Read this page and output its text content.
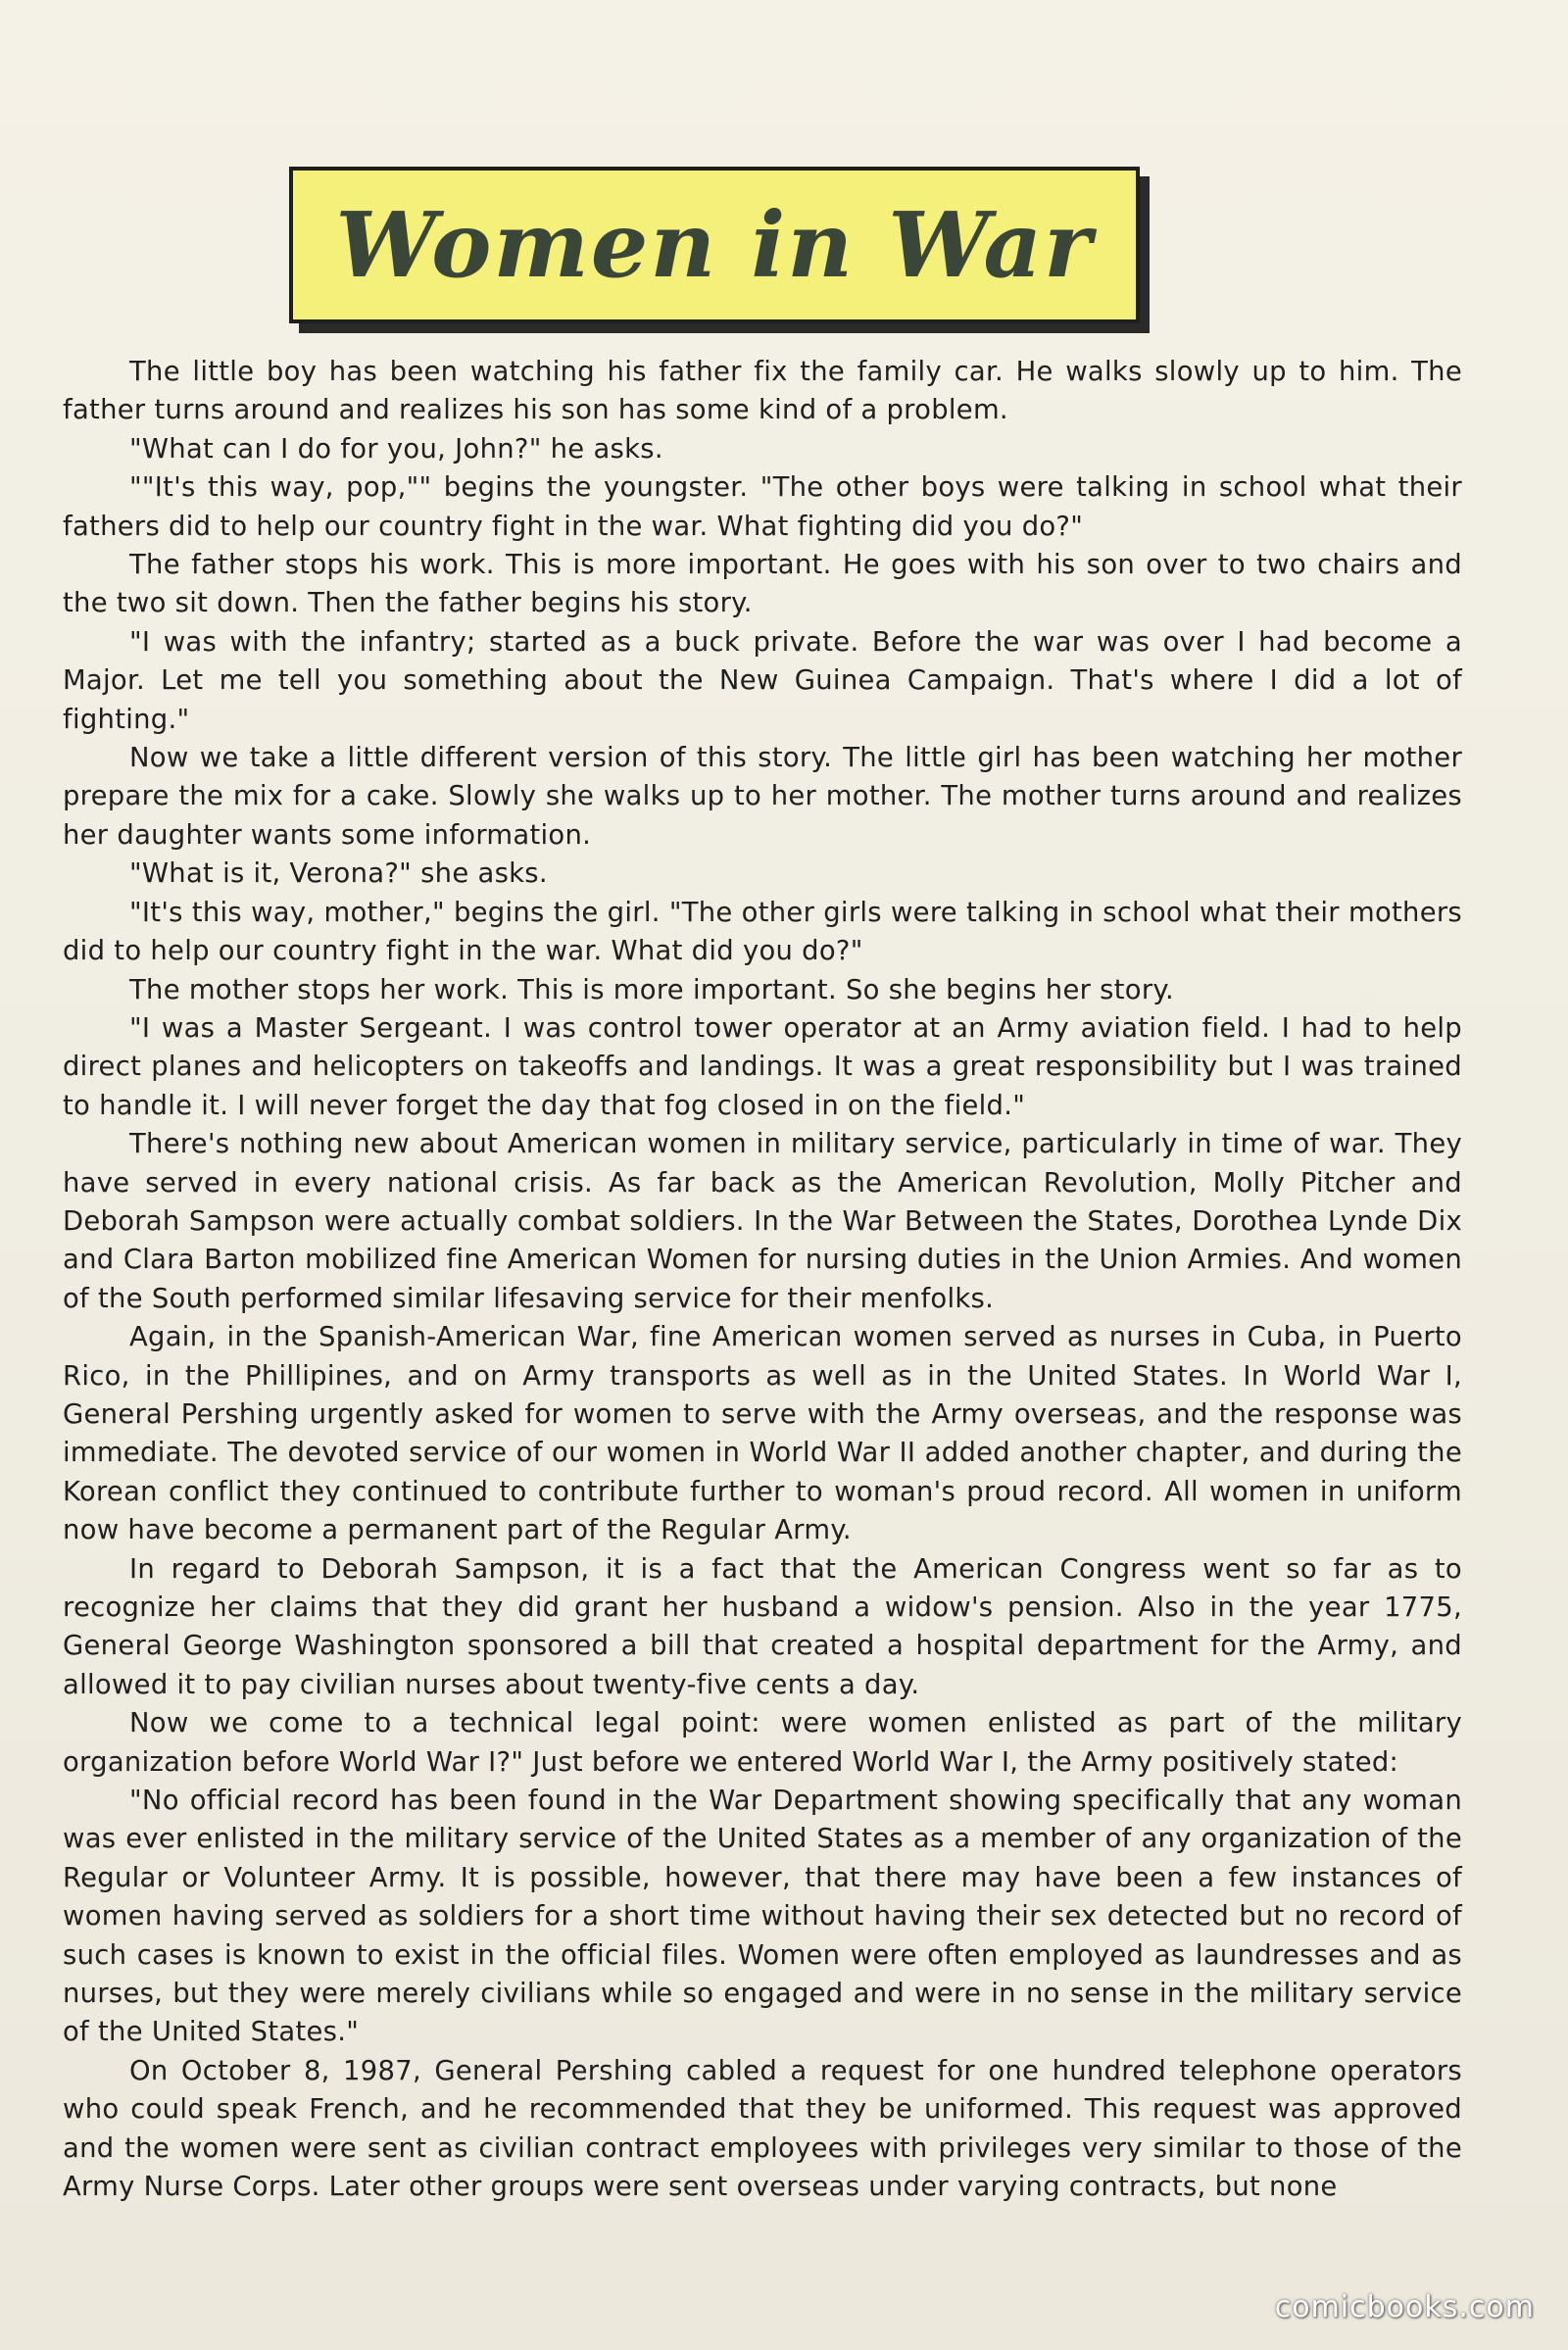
Women in War

The little boy has been watching his father fix the family car. He walks slowly up to him. The father turns around and realizes his son has some kind of a problem.

"What can I do for you, John?" he asks.

""It's this way, pop,"" begins the youngster. "The other boys were talking in school what their fathers did to help our country fight in the war. What fighting did you do?"

The father stops his work. This is more important. He goes with his son over to two chairs and the two sit down. Then the father begins his story.

"I was with the infantry; started as a buck private. Before the war was over I had become a Major. Let me tell you something about the New Guinea Campaign. That's where I did a lot of fighting."

Now we take a little different version of this story. The little girl has been watching her mother prepare the mix for a cake. Slowly she walks up to her mother. The mother turns around and realizes her daughter wants some information.

"What is it, Verona?" she asks.

"It's this way, mother," begins the girl. "The other girls were talking in school what their mothers did to help our country fight in the war. What did you do?"

The mother stops her work. This is more important. So she begins her story.

"I was a Master Sergeant. I was control tower operator at an Army aviation field. I had to help direct planes and helicopters on takeoffs and landings. It was a great responsibility but I was trained to handle it. I will never forget the day that fog closed in on the field."

There's nothing new about American women in military service, particularly in time of war. They have served in every national crisis. As far back as the American Revolution, Molly Pitcher and Deborah Sampson were actually combat soldiers. In the War Between the States, Dorothea Lynde Dix and Clara Barton mobilized fine American Women for nursing duties in the Union Armies. And women of the South performed similar lifesaving service for their menfolks.

Again, in the Spanish-American War, fine American women served as nurses in Cuba, in Puerto Rico, in the Phillipines, and on Army transports as well as in the United States. In World War I, General Pershing urgently asked for women to serve with the Army overseas, and the response was immediate. The devoted service of our women in World War II added another chapter, and during the Korean conflict they continued to contribute further to woman's proud record. All women in uniform now have become a permanent part of the Regular Army.

In regard to Deborah Sampson, it is a fact that the American Congress went so far as to recognize her claims that they did grant her husband a widow's pension. Also in the year 1775, General George Washington sponsored a bill that created a hospital department for the Army, and allowed it to pay civilian nurses about twenty-five cents a day.

Now we come to a technical legal point: were women enlisted as part of the military organization before World War I?" Just before we entered World War I, the Army positively stated:

"No official record has been found in the War Department showing specifically that any woman was ever enlisted in the military service of the United States as a member of any organization of the Regular or Volunteer Army. It is possible, however, that there may have been a few instances of women having served as soldiers for a short time without having their sex detected but no record of such cases is known to exist in the official files. Women were often employed as laundresses and as nurses, but they were merely civilians while so engaged and were in no sense in the military service of the United States."

On October 8, 1987, General Pershing cabled a request for one hundred telephone operators who could speak French, and he recommended that they be uniformed. This request was approved and the women were sent as civilian contract employees with privileges very similar to those of the Army Nurse Corps. Later other groups were sent overseas under varying contracts, but none

comicbooks.com
